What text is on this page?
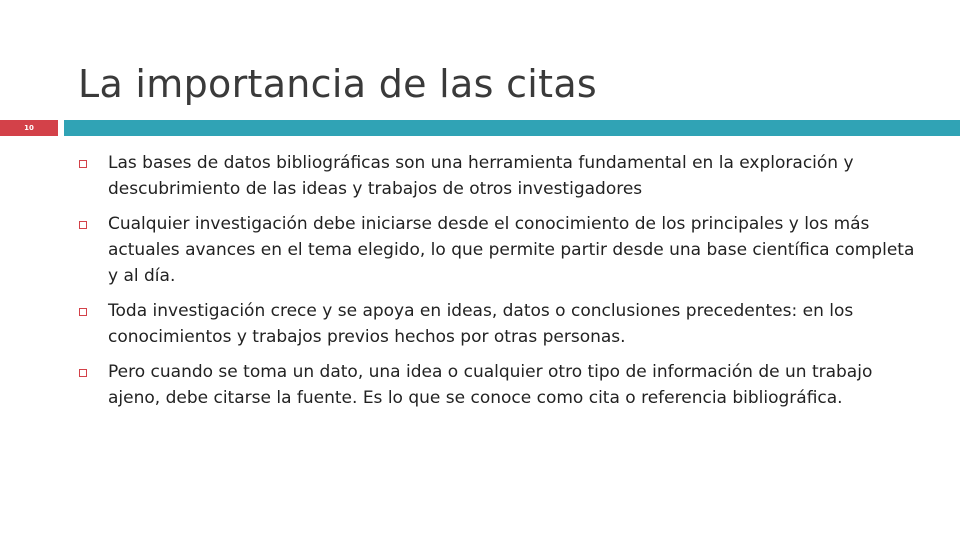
La importancia de las citas
10
Las bases de datos bibliográficas son una herramienta fundamental en la exploración y descubrimiento de las ideas y trabajos de otros investigadores
Cualquier investigación debe iniciarse desde el conocimiento de los principales y los más actuales avances en el tema elegido, lo que permite partir desde una base científica completa y al día.
Toda investigación crece y se apoya en ideas, datos o conclusiones precedentes: en los conocimientos y trabajos previos hechos por otras personas.
Pero cuando se toma un dato, una idea o cualquier otro tipo de información de un trabajo ajeno, debe citarse la fuente. Es lo que se conoce como cita o referencia bibliográfica.
